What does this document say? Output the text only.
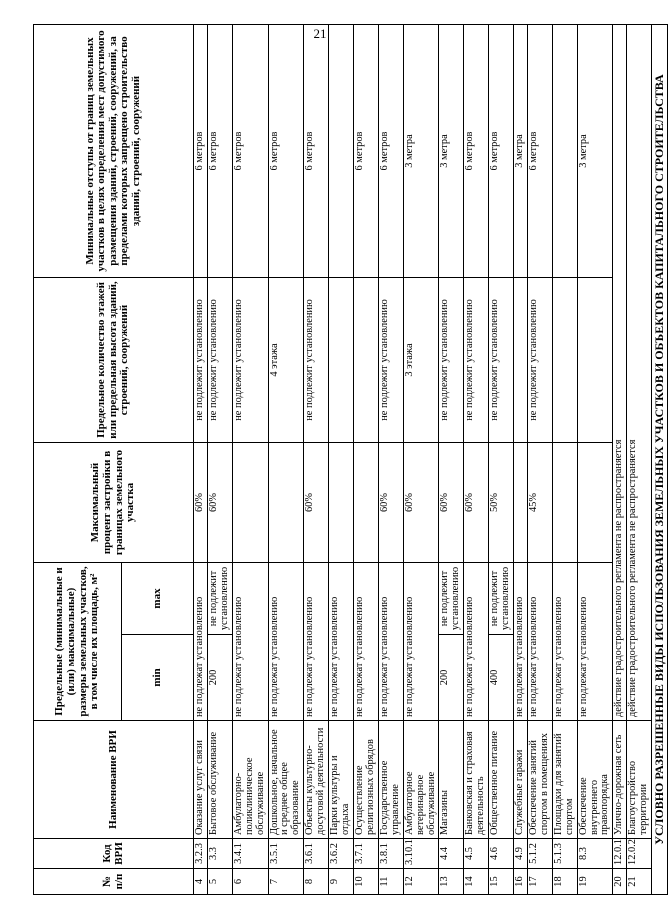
21
№ п/п	Код ВРИ	Наименование ВРИ	Предельные (минимальные и (или) максимальные) размеры земельных участков, в том числе их площадь, м²		Максимальный процент застройки в границах земельного участка	Предельное количество этажей или предельная высота зданий, строений, сооружений	Минимальные отступы от границ земельных участков в целях определения мест допустимого размещения зданий, строений, сооружений, за пределами которых запрещено строительство зданий, строений, сооружений
			min	max			
4	3.2.3	Оказание услуг связи	не подлежат установлению		60%	не подлежит установлению	6 метров
5	3.3	Бытовое обслуживание	200	не подлежит установлению	60%	не подлежит установлению	6 метров
6	3.4.1	Амбулаторно-поликлиническое обслуживание	не подлежат установлению			не подлежит установлению	6 метров
7	3.5.1	Дошкольное, начальное и среднее общее образование	не подлежат установлению			4 этажа	6 метров
8	3.6.1	Объекты культурно-досуговой деятельности	не подлежат установлению		60%	не подлежит установлению	6 метров
9	3.6.2	Парки культуры и отдыха	не подлежат установлению				
10	3.7.1	Осуществление религиозных обрядов	не подлежат установлению				6 метров
11	3.8.1	Государственное управление	не подлежат установлению		60%	не подлежит установлению	6 метров
12	3.10.1	Амбулаторное ветеринарное обслуживание	не подлежат установлению		60%	3 этажа	3 метра
13	4.4	Магазины	200	не подлежит установлению	60%	не подлежит установлению	3 метра
14	4.5	Банковская и страховая деятельность	не подлежат установлению		60%	не подлежит установлению	6 метров
15	4.6	Общественное питание	400	не подлежит установлению	50%	не подлежит установлению	6 метров
16	4.9	Служебные гаражи	не подлежат установлению				3 метра
17	5.1.2	Обеспечение занятий спортом в помещениях	не подлежат установлению		45%	не подлежит установлению	6 метров
18	5.1.3	Площадки для занятий спортом	не подлежат установлению				
19	8.3	Обеспечение внутреннего правопорядка	не подлежат установлению				3 метра
20	12.0.1	Улично-дорожная сеть	действие градостроительного регламента не распространяется				
21	12.0.2	Благоустройство территории	действие градостроительного регламента не распространяется				
УСЛОВНО РАЗРЕШЕННЫЕ ВИДЫ ИСПОЛЬЗОВАНИЯ ЗЕМЕЛЬНЫХ УЧАСТКОВ И ОБЪЕКТОВ КАПИТАЛЬНОГО СТРОИТЕЛЬСТВА							
